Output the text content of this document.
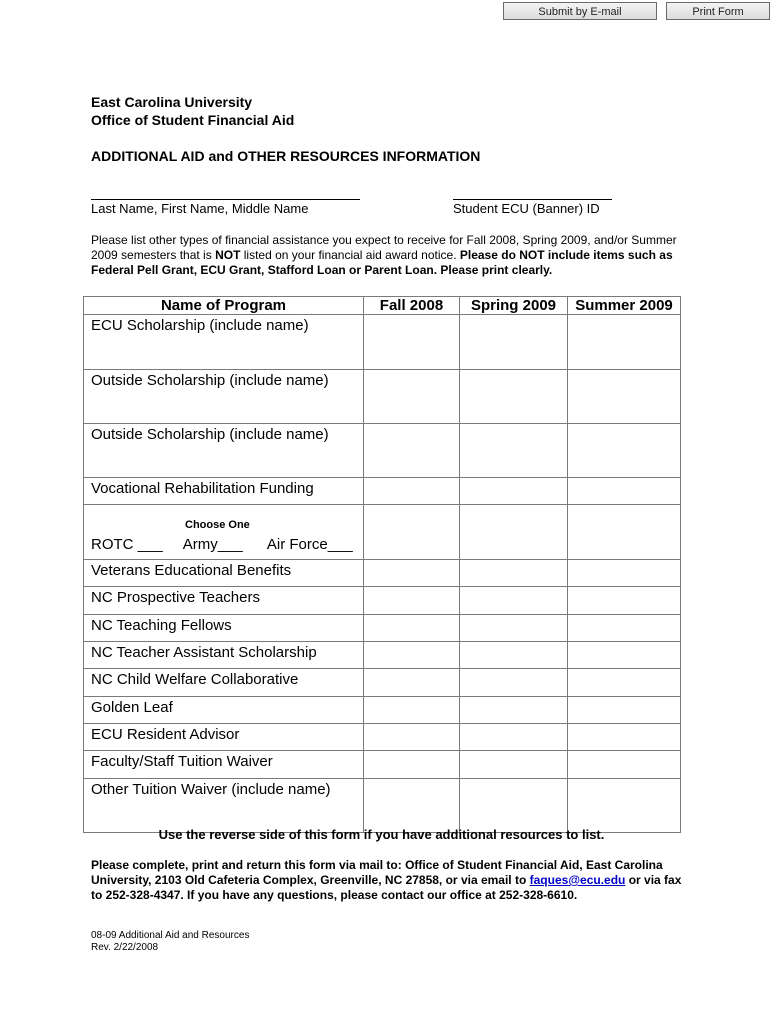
Submit by E-mail	Print Form
East Carolina University
Office of Student Financial Aid
ADDITIONAL AID and OTHER RESOURCES INFORMATION
Last Name, First Name, Middle Name	Student ECU (Banner) ID
Please list other types of financial assistance you expect to receive for Fall 2008, Spring 2009, and/or Summer 2009 semesters that is NOT listed on your financial aid award notice. Please do NOT include items such as Federal Pell Grant, ECU Grant, Stafford Loan or Parent Loan. Please print clearly.
Name of Program	Fall 2008	Spring 2009	Summer 2009
ECU Scholarship (include name)			
Outside Scholarship (include name)			
Outside Scholarship (include name)			
Vocational Rehabilitation Funding			

Choose One
ROTC ___     Army___      Air Force___			

Veterans Educational Benefits			
NC Prospective Teachers			
NC Teaching Fellows			
NC Teacher Assistant Scholarship			
NC Child Welfare Collaborative			
Golden Leaf			
ECU Resident Advisor			
Faculty/Staff Tuition Waiver			
Other Tuition Waiver (include name)			
Use the reverse side of this form if you have additional resources to list.
Please complete, print and return this form via mail to: Office of Student Financial Aid, East Carolina University, 2103 Old Cafeteria Complex, Greenville, NC 27858, or via email to faques@ecu.edu or via fax to 252-328-4347. If you have any questions, please contact our office at 252-328-6610.
08-09 Additional Aid and Resources
Rev. 2/22/2008
